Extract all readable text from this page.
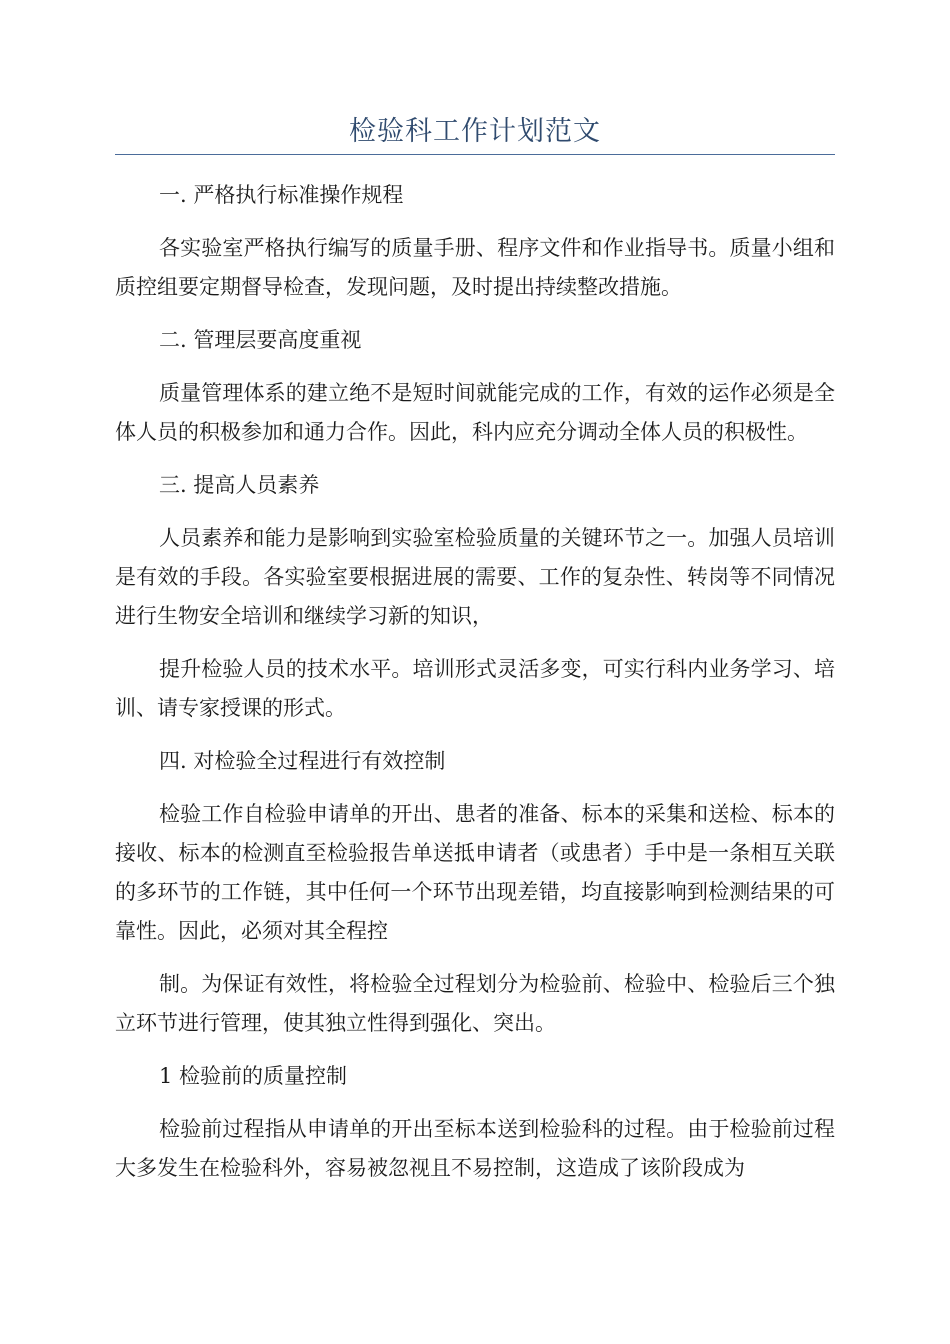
检验科工作计划范文

一. 严格执行标准操作规程

各实验室严格执行编写的质量手册、程序文件和作业指导书。质量小组和质控组要定期督导检查，发现问题，及时提出持续整改措施。

二. 管理层要高度重视

质量管理体系的建立绝不是短时间就能完成的工作，有效的运作必须是全体人员的积极参加和通力合作。因此，科内应充分调动全体人员的积极性。

三. 提高人员素养

人员素养和能力是影响到实验室检验质量的关键环节之一。加强人员培训是有效的手段。各实验室要根据进展的需要、工作的复杂性、转岗等不同情况进行生物安全培训和继续学习新的知识，

提升检验人员的技术水平。培训形式灵活多变，可实行科内业务学习、培训、请专家授课的形式。

四. 对检验全过程进行有效控制

检验工作自检验申请单的开出、患者的准备、标本的采集和送检、标本的接收、标本的检测直至检验报告单送抵申请者（或患者）手中是一条相互关联的多环节的工作链，其中任何一个环节出现差错，均直接影响到检测结果的可靠性。因此，必须对其全程控

制。为保证有效性，将检验全过程划分为检验前、检验中、检验后三个独立环节进行管理，使其独立性得到强化、突出。

1 检验前的质量控制

检验前过程指从申请单的开出至标本送到检验科的过程。由于检验前过程大多发生在检验科外，容易被忽视且不易控制，这造成了该阶段成为
